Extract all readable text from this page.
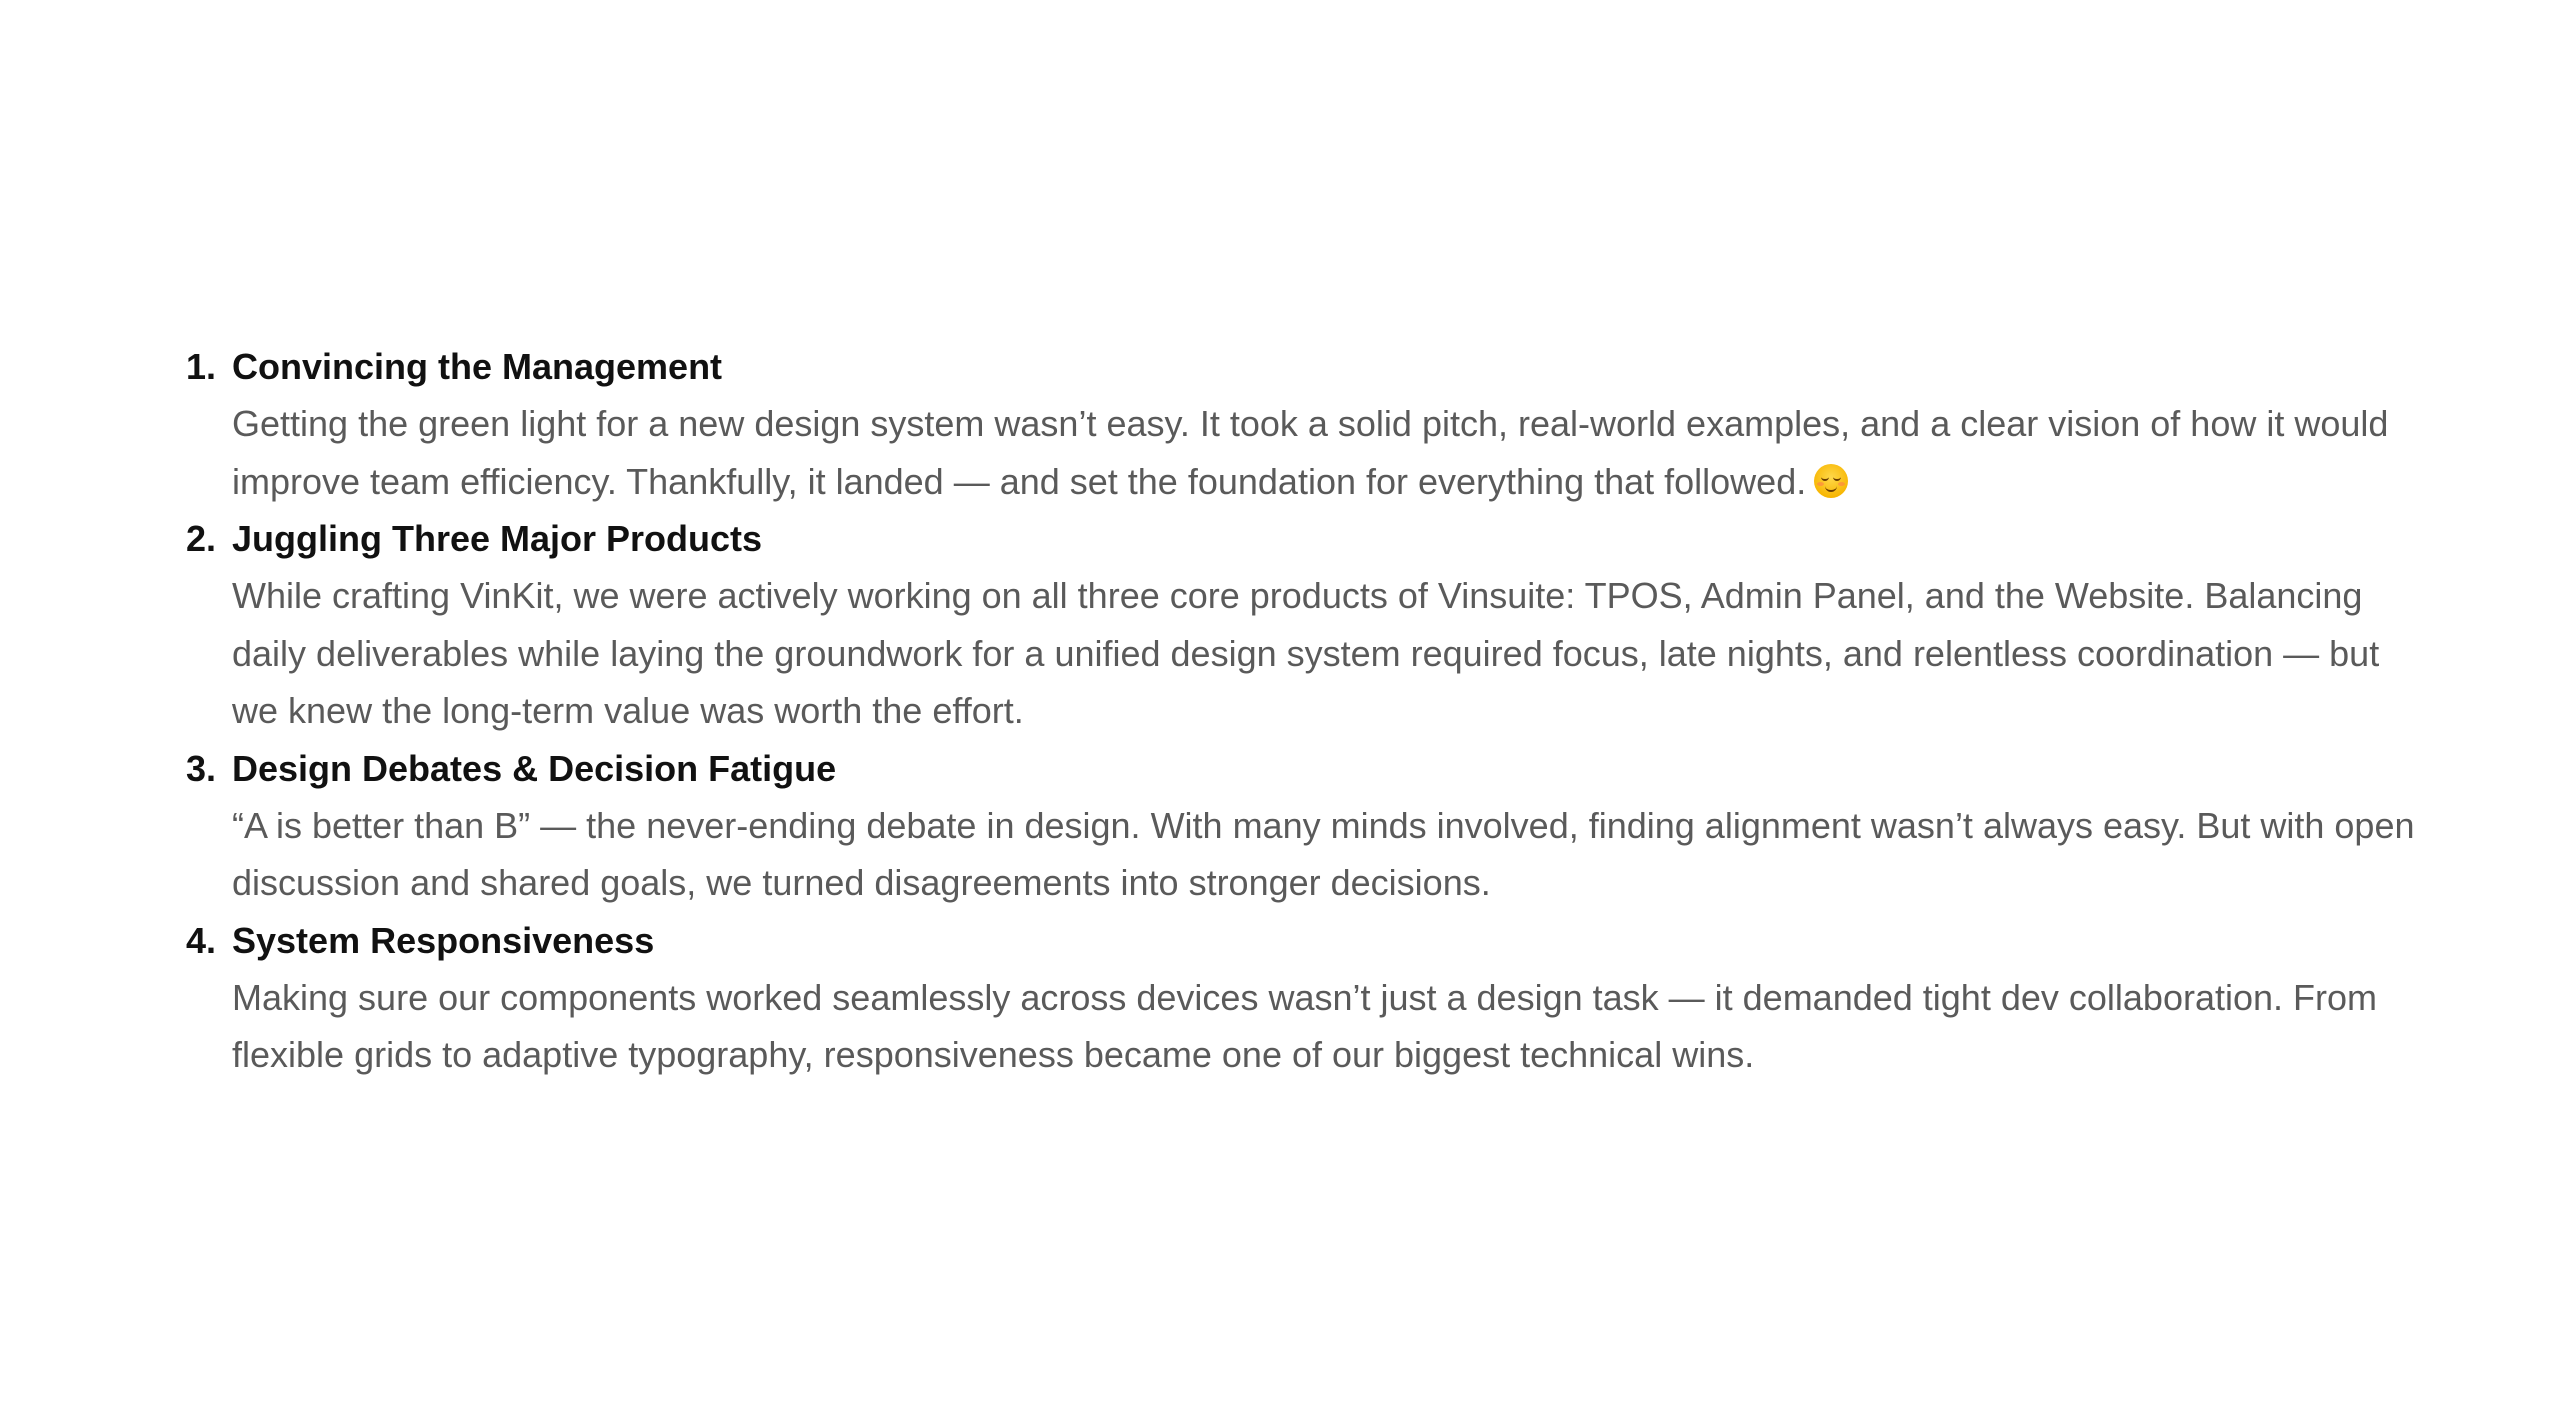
1. Convincing the Management

Getting the green light for a new design system wasn’t easy. It took a solid pitch, real-world examples, and a clear vision of how it would improve team efficiency. Thankfully, it landed — and set the foundation for everything that followed.

2. Juggling Three Major Products

While crafting VinKit, we were actively working on all three core products of Vinsuite: TPOS, Admin Panel, and the Website. Balancing daily deliverables while laying the groundwork for a unified design system required focus, late nights, and relentless coordination — but we knew the long-term value was worth the effort.

3. Design Debates & Decision Fatigue

“A is better than B” — the never-ending debate in design. With many minds involved, finding alignment wasn’t always easy. But with open discussion and shared goals, we turned disagreements into stronger decisions.

4. System Responsiveness

Making sure our components worked seamlessly across devices wasn’t just a design task — it demanded tight dev collaboration. From flexible grids to adaptive typography, responsiveness became one of our biggest technical wins.
